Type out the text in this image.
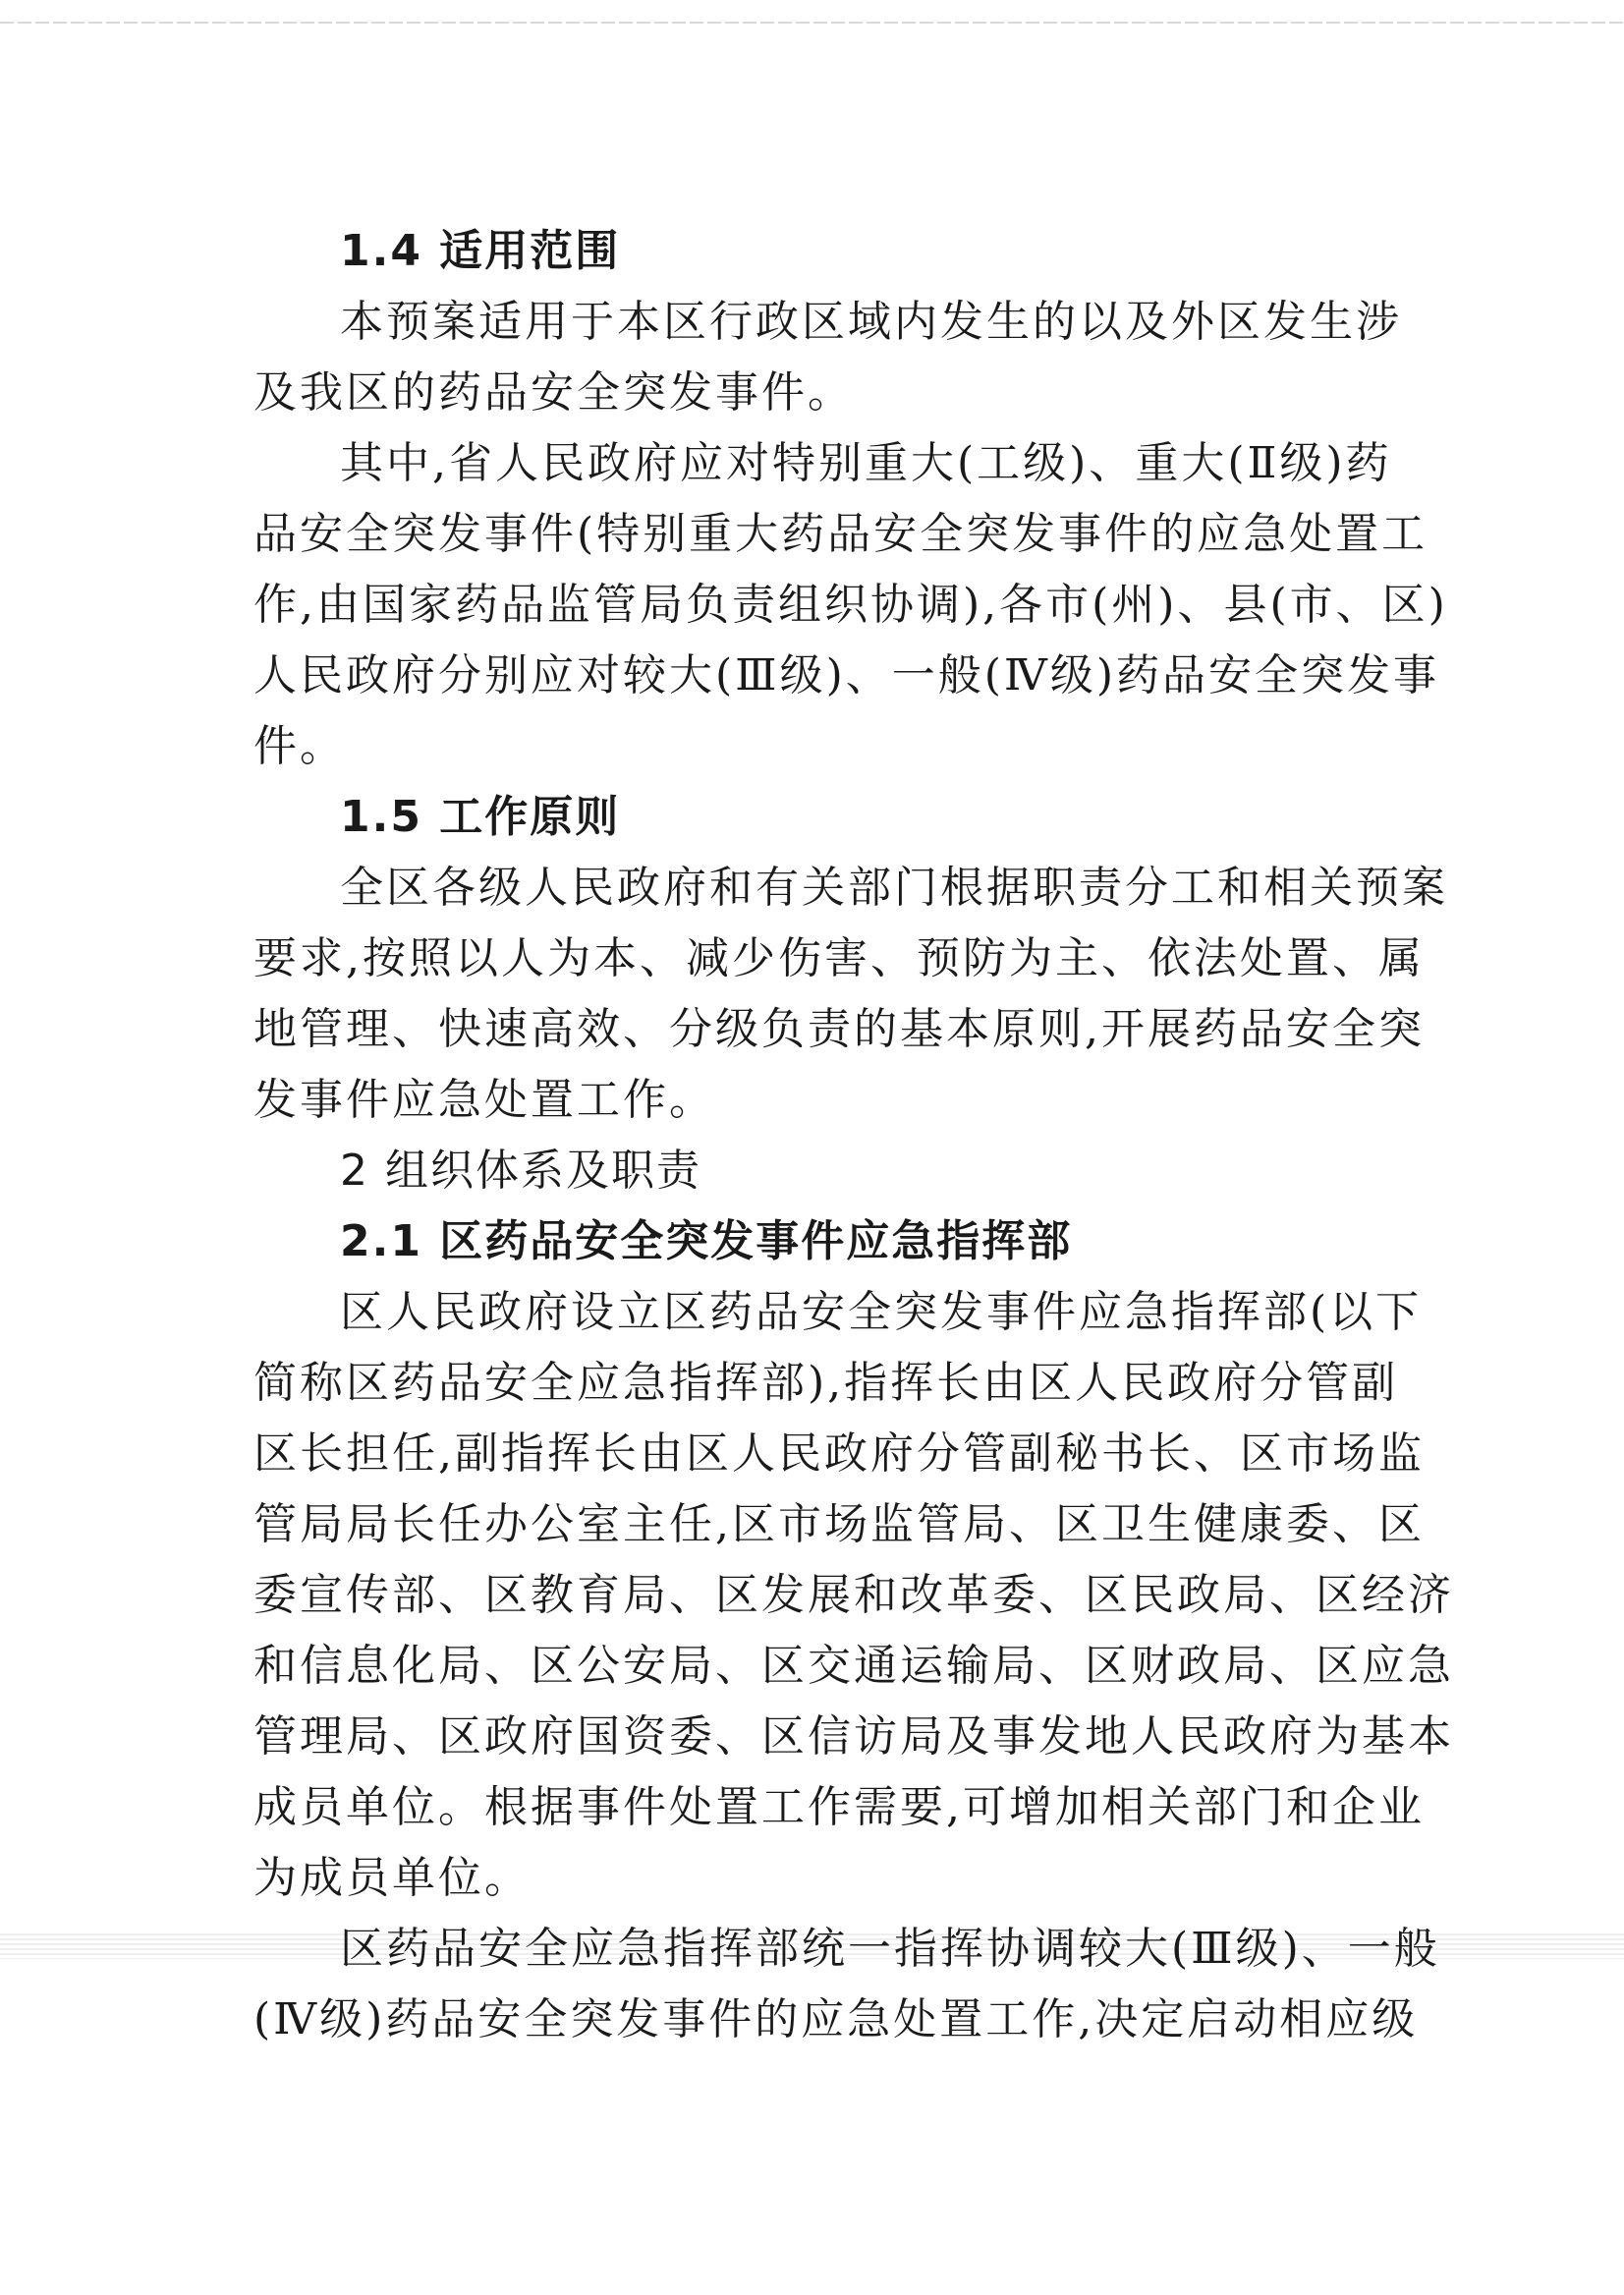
1.4 适用范围
本预案适用于本区行政区域内发生的以及外区发生涉
及我区的药品安全突发事件。
其中,省人民政府应对特别重大(工级)、重大(Ⅱ级)药
品安全突发事件(特别重大药品安全突发事件的应急处置工
作,由国家药品监管局负责组织协调),各市(州)、县(市、区)
人民政府分别应对较大(Ⅲ级)、一般(Ⅳ级)药品安全突发事
件。
1.5 工作原则
全区各级人民政府和有关部门根据职责分工和相关预案
要求,按照以人为本、减少伤害、预防为主、依法处置、属
地管理、快速高效、分级负责的基本原则,开展药品安全突
发事件应急处置工作。
2 组织体系及职责
2.1 区药品安全突发事件应急指挥部
区人民政府设立区药品安全突发事件应急指挥部(以下
简称区药品安全应急指挥部),指挥长由区人民政府分管副
区长担任,副指挥长由区人民政府分管副秘书长、区市场监
管局局长任办公室主任,区市场监管局、区卫生健康委、区
委宣传部、区教育局、区发展和改革委、区民政局、区经济
和信息化局、区公安局、区交通运输局、区财政局、区应急
管理局、区政府国资委、区信访局及事发地人民政府为基本
成员单位。根据事件处置工作需要,可增加相关部门和企业
为成员单位。
区药品安全应急指挥部统一指挥协调较大(Ⅲ级)、一般
(Ⅳ级)药品安全突发事件的应急处置工作,决定启动相应级
